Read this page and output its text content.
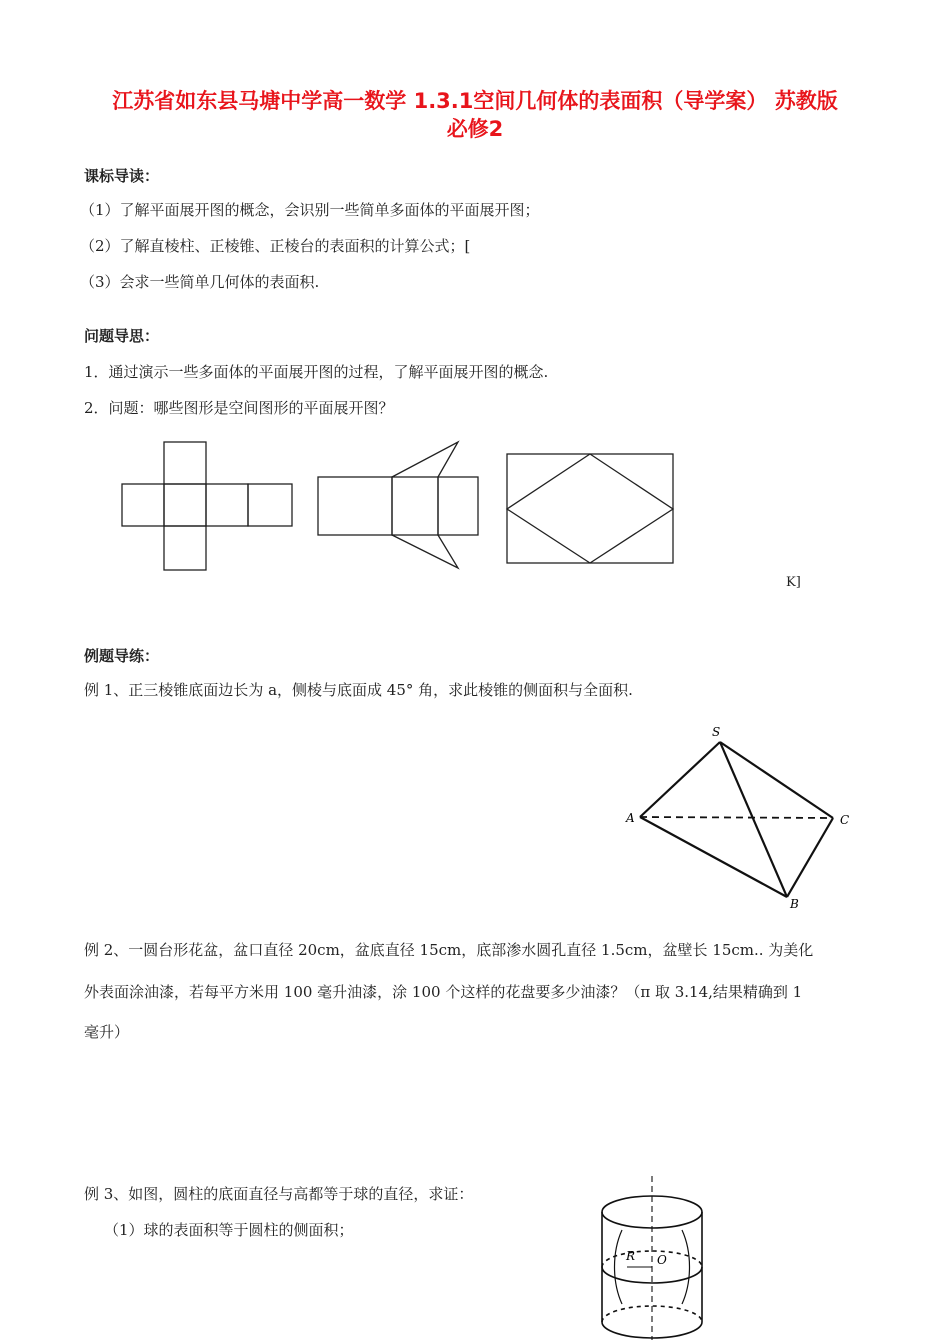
江苏省如东县马塘中学高一数学 1.3.1空间几何体的表面积（导学案） 苏教版
必修2
课标导读：
（1）了解平面展开图的概念，会识别一些简单多面体的平面展开图；
（2）了解直棱柱、正棱锥、正棱台的表面积的计算公式；[
（3）会求一些简单几何体的表面积.
问题导思：
1．通过演示一些多面体的平面展开图的过程，了解平面展开图的概念.
2．问题：哪些图形是空间图形的平面展开图？
K]
例题导练：
例 1、正三棱锥底面边长为 a，侧棱与底面成 45° 角，求此棱锥的侧面积与全面积.
S
A	C
B
例 2、一圆台形花盆，盆口直径 20cm，盆底直径 15cm，底部渗水圆孔直径 1.5cm，盆壁长 15cm.. 为美化
外表面涂油漆，若每平方米用 100 毫升油漆，涂 100 个这样的花盘要多少油漆？（π 取 3.14,结果精确到 1
毫升）
例 3、如图，圆柱的底面直径与高都等于球的直径，求证：
（1）球的表面积等于圆柱的侧面积；
R O
